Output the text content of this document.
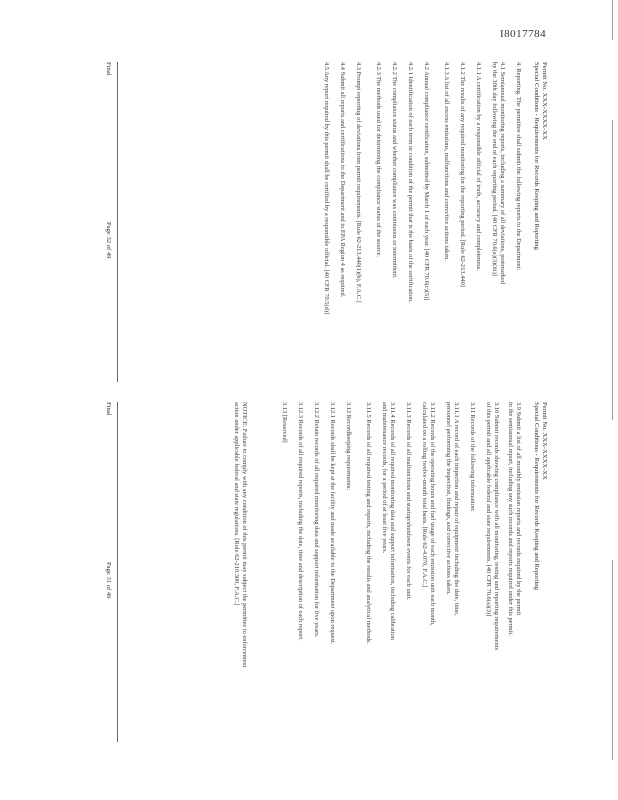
I8017784
Permit No. XXX-XXXX-XX
Special Conditions - Requirements for Records Keeping and Reporting
3.9 Submit a list of all monthly emission reports and records required by the permit
in the semiannual report, including any such records and reports required under this permit.
3.10 Submit records showing compliance with all monitoring, testing and reporting requirements
of this permit and all applicable federal and state requirements. [40 CFR 70.6(a)(3)]
3.11 Records of the following information:
3.11.1 A record of each inspection and repair of equipment including the date, time,
personnel performing the inspection, findings, and corrective actions taken.
3.11.2 Records of the operating hours and fuel usage of each emission unit each month,
calculated on a rolling twelve-month total basis. [Rule 62-4.070, F.A.C.]
3.11.3 Records of all malfunctions and startup/shutdown events for each unit.
3.11.4 Records of all required monitoring data and support information, including calibration
and maintenance records, for a period of at least five years.
3.11.5 Records of all required testing and reports, including the results and analytical methods.
3.12 Recordkeeping requirements:
3.12.1 Records shall be kept at the facility and made available to the Department upon request.
3.12.2 Retain records of all required monitoring data and support information for five years.
3.12.3 Records of all required reports, including the date, time and description of each report.
3.13 [Reserved]
NOTICE: Failure to comply with any condition of this permit may subject the permittee to enforcement
action under applicable federal and state regulations. [Rule 62-210.300, F.A.C.]
Final
Page 31 of 49
Permit No. XXX-XXXX-XX
Special Conditions - Requirements for Records Keeping and Reporting
4. Reporting. The permittee shall submit the following reports to the Department:
4.1 Semiannual monitoring reports, including a summary of all deviations, postmarked
by the 30th day following the end of each reporting period. [40 CFR 70.6(a)(3)(iii)]
4.1.1 A certification by a responsible official of truth, accuracy and completeness.
4.1.2 The results of any required monitoring for the reporting period. [Rule 62-213.440]
4.1.3 A list of all excess emissions, malfunctions and corrective actions taken.
4.2 Annual compliance certification, submitted by March 1 of each year. [40 CFR 70.6(c)(5)]
4.2.1 Identification of each term or condition of the permit that is the basis of the certification.
4.2.2 The compliance status and whether compliance was continuous or intermittent.
4.2.3 The methods used for determining the compliance status of the source.
4.3 Prompt reporting of deviations from permit requirements. [Rule 62-213.440(1)(b), F.A.C.]
4.4 Submit all reports and certifications to the Department and to EPA Region 4 as required.
4.5 Any report required by this permit shall be certified by a responsible official. [40 CFR 70.5(d)]
Final
Page 32 of 49
